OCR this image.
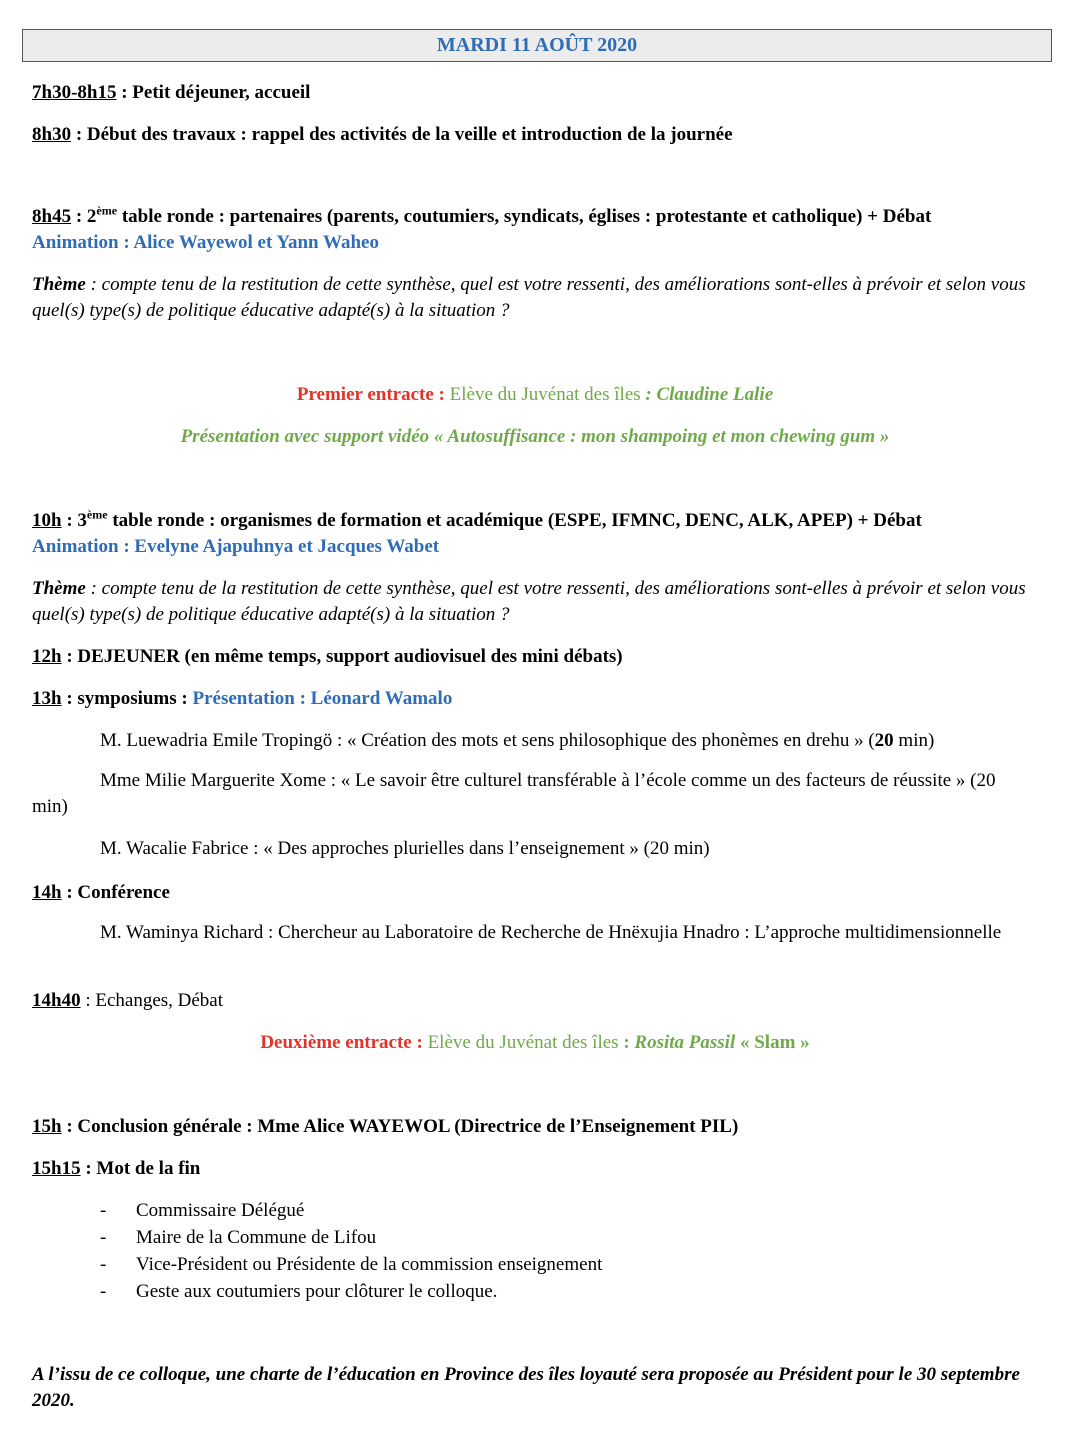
MARDI 11 AOÛT 2020
7h30-8h15 : Petit déjeuner, accueil
8h30 : Début des travaux : rappel des activités de la veille et introduction de la journée
8h45 : 2ème table ronde : partenaires (parents, coutumiers, syndicats, églises : protestante et catholique) + Débat
Animation : Alice Wayewol et Yann Waheo
Thème : compte tenu de la restitution de cette synthèse, quel est votre ressenti, des améliorations sont-elles à prévoir et selon vous quel(s) type(s) de politique éducative adapté(s) à la situation ?
Premier entracte : Elève du Juvénat des îles : Claudine Lalie
Présentation avec support vidéo « Autosuffisance : mon shampoing et mon chewing gum »
10h : 3ème table ronde : organismes de formation et académique (ESPE, IFMNC, DENC, ALK, APEP) + Débat
Animation : Evelyne Ajapuhnya et Jacques Wabet
Thème : compte tenu de la restitution de cette synthèse, quel est votre ressenti, des améliorations sont-elles à prévoir et selon vous quel(s) type(s) de politique éducative adapté(s) à la situation ?
12h : DEJEUNER (en même temps, support audiovisuel des mini débats)
13h : symposiums : Présentation : Léonard Wamalo
M. Luewadria Emile Tropingö : « Création des mots et sens philosophique des phonèmes en drehu » (20 min)
Mme Milie Marguerite Xome : « Le savoir être culturel transférable à l’école comme un des facteurs de réussite » (20 min)
M. Wacalie Fabrice : « Des approches plurielles dans l’enseignement » (20 min)
14h : Conférence
M. Waminya Richard : Chercheur au Laboratoire de Recherche de Hnëxujia Hnadro : L’approche multidimensionnelle
14h40 : Echanges, Débat
Deuxième entracte : Elève du Juvénat des îles : Rosita Passil « Slam »
15h : Conclusion générale : Mme Alice WAYEWOL (Directrice de l’Enseignement PIL)
15h15 : Mot de la fin
- Commissaire Délégué
- Maire de la Commune de Lifou
- Vice-Président ou Présidente de la commission enseignement
- Geste aux coutumiers pour clôturer le colloque.
A l’issu de ce colloque, une charte de l’éducation en Province des îles loyauté sera proposée au Président pour le 30 septembre 2020.
